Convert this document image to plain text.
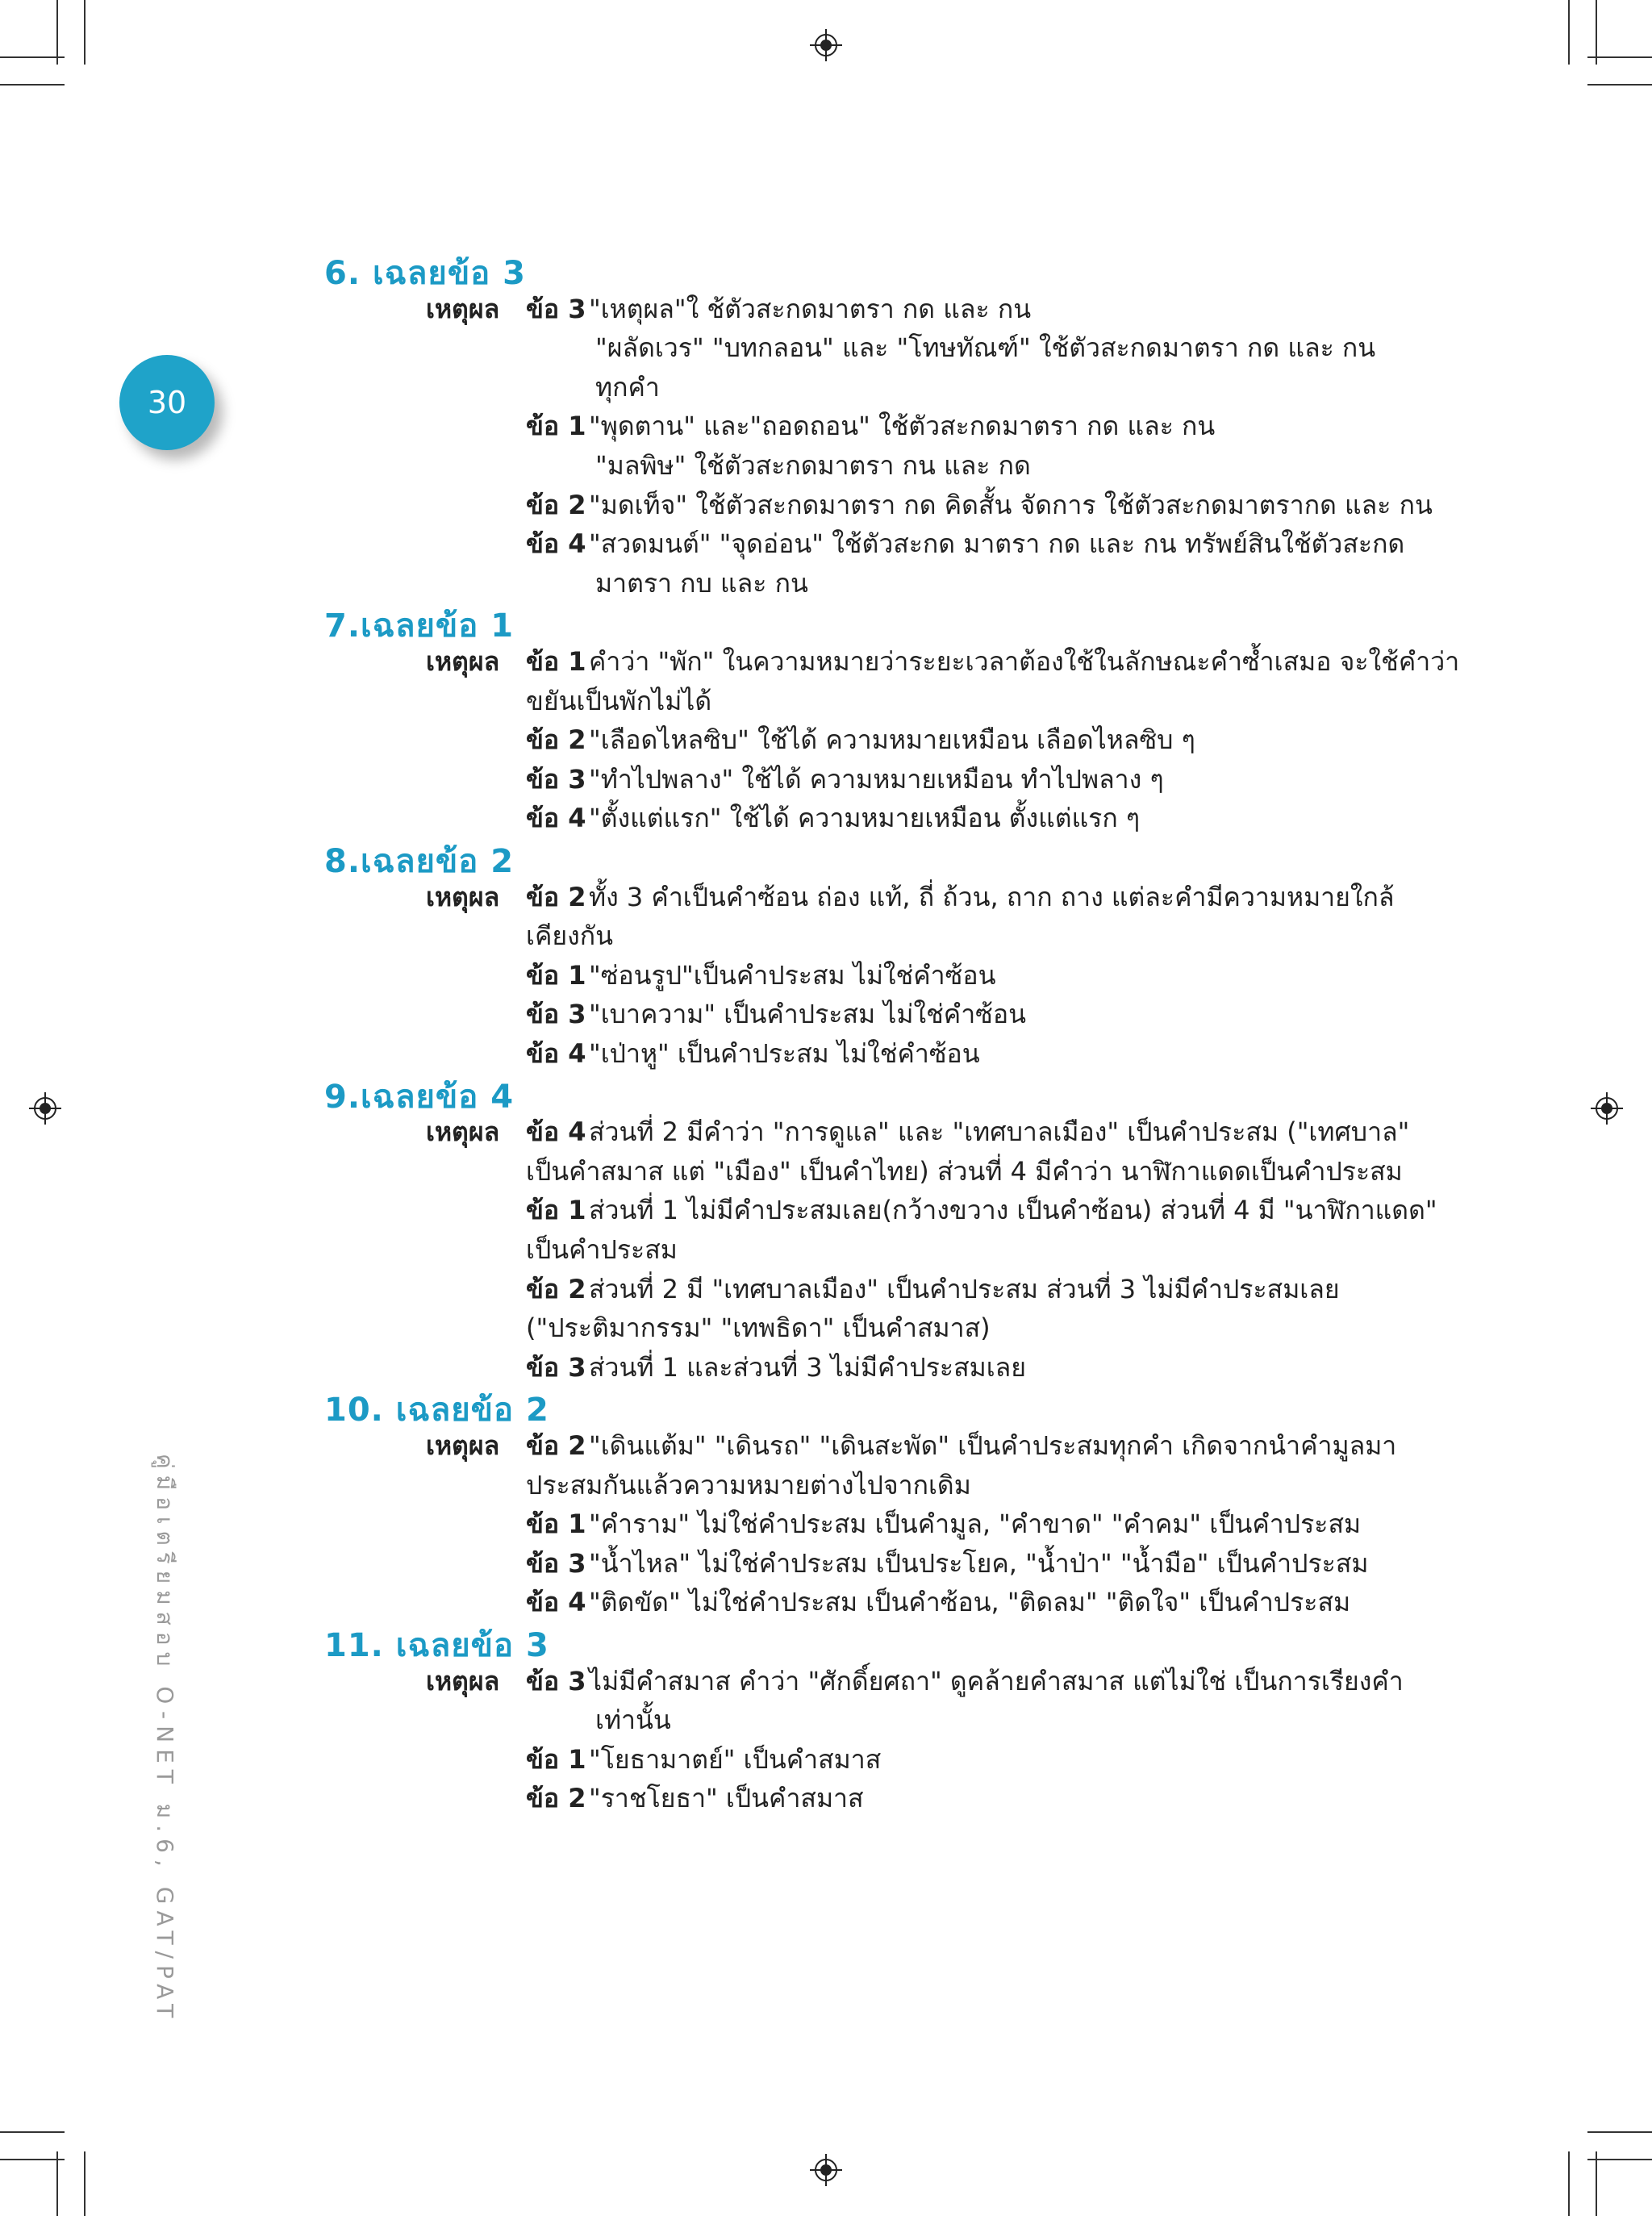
30
คู่มือเตรียมสอบ O-NET ม.6, GAT/PAT
6. เฉลยข้อ 3
เหตุผล ข้อ 3 "เหตุผล"ใ ช้ตัวสะกดมาตรา กด และ กน
"ผลัดเวร" "บทกลอน" และ "โทษทัณฑ์" ใช้ตัวสะกดมาตรา กด และ กน
ทุกคำ
ข้อ 1 "พุดตาน" และ"ถอดถอน" ใช้ตัวสะกดมาตรา กด และ กน
"มลพิษ" ใช้ตัวสะกดมาตรา กน และ กด
ข้อ 2 "มดเท็จ" ใช้ตัวสะกดมาตรา กด คิดสั้น จัดการ ใช้ตัวสะกดมาตรากด และ กน
ข้อ 4 "สวดมนต์" "จุดอ่อน" ใช้ตัวสะกด มาตรา กด และ กน ทรัพย์สินใช้ตัวสะกด
มาตรา กบ และ กน
7.เฉลยข้อ 1
เหตุผล ข้อ 1 คำว่า "พัก" ในความหมายว่าระยะเวลาต้องใช้ในลักษณะคำซ้ำเสมอ จะใช้คำว่า
ขยันเป็นพักไม่ได้
ข้อ 2 "เลือดไหลซิบ" ใช้ได้ ความหมายเหมือน เลือดไหลซิบ ๆ
ข้อ 3 "ทำไปพลาง" ใช้ได้ ความหมายเหมือน ทำไปพลาง ๆ
ข้อ 4 "ตั้งแต่แรก" ใช้ได้ ความหมายเหมือน ตั้งแต่แรก ๆ
8.เฉลยข้อ 2
เหตุผล ข้อ 2 ทั้ง 3 คำเป็นคำซ้อน ถ่อง แท้, ถี่ ถ้วน, ถาก ถาง แต่ละคำมีความหมายใกล้
เคียงกัน
ข้อ 1 "ซ่อนรูป"เป็นคำประสม ไม่ใช่คำซ้อน
ข้อ 3 "เบาความ" เป็นคำประสม ไม่ใช่คำซ้อน
ข้อ 4 "เป่าหู" เป็นคำประสม ไม่ใช่คำซ้อน
9.เฉลยข้อ 4
เหตุผล ข้อ 4 ส่วนที่ 2 มีคำว่า "การดูแล" และ "เทศบาลเมือง" เป็นคำประสม ("เทศบาล"
เป็นคำสมาส แต่ "เมือง" เป็นคำไทย) ส่วนที่ 4 มีคำว่า นาฬิกาแดดเป็นคำประสม
ข้อ 1 ส่วนที่ 1 ไม่มีคำประสมเลย(กว้างขวาง เป็นคำซ้อน) ส่วนที่ 4 มี "นาฬิกาแดด"
เป็นคำประสม
ข้อ 2 ส่วนที่ 2 มี "เทศบาลเมือง" เป็นคำประสม ส่วนที่ 3 ไม่มีคำประสมเลย
("ประติมากรรม" "เทพธิดา" เป็นคำสมาส)
ข้อ 3 ส่วนที่ 1 และส่วนที่ 3 ไม่มีคำประสมเลย
10. เฉลยข้อ 2
เหตุผล ข้อ 2 "เดินแต้ม" "เดินรถ" "เดินสะพัด" เป็นคำประสมทุกคำ เกิดจากนำคำมูลมา
ประสมกันแล้วความหมายต่างไปจากเดิม
ข้อ 1 "คำราม" ไม่ใช่คำประสม เป็นคำมูล, "คำขาด" "คำคม" เป็นคำประสม
ข้อ 3 "น้ำไหล" ไม่ใช่คำประสม เป็นประโยค, "น้ำป่า" "น้ำมือ" เป็นคำประสม
ข้อ 4 "ติดขัด" ไม่ใช่คำประสม เป็นคำซ้อน, "ติดลม" "ติดใจ" เป็นคำประสม
11. เฉลยข้อ 3
เหตุผล ข้อ 3 ไม่มีคำสมาส คำว่า "ศักดิ์ยศถา" ดูคล้ายคำสมาส แต่ไม่ใช่ เป็นการเรียงคำ
เท่านั้น
ข้อ 1 "โยธามาตย์" เป็นคำสมาส
ข้อ 2 "ราชโยธา" เป็นคำสมาส
